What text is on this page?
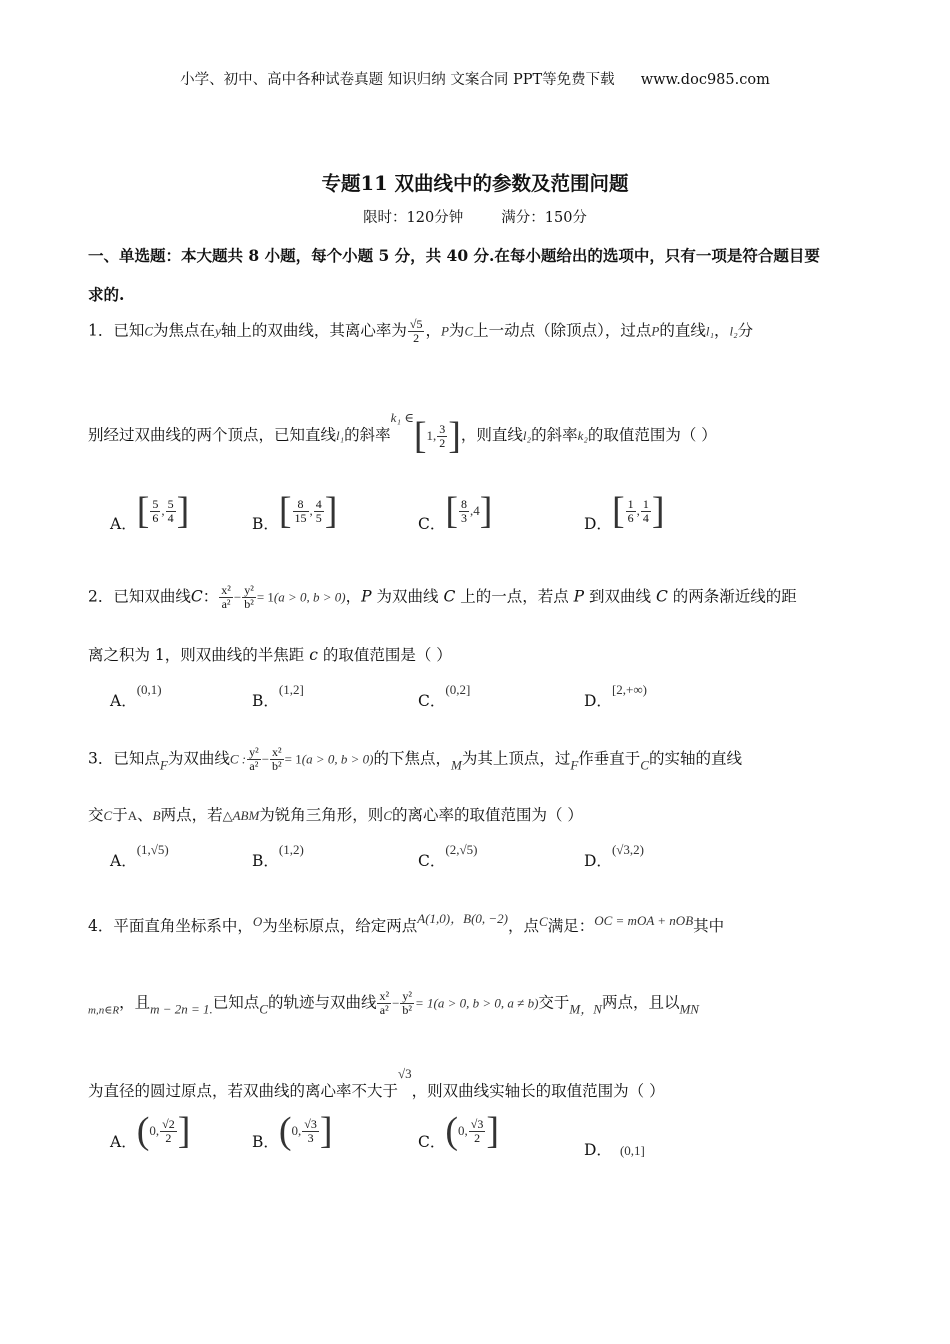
小学、初中、高中各种试卷真题 知识归纳 文案合同 PPT等免费下载 www.doc985.com
专题11 双曲线中的参数及范围问题
限时：120分钟	满分：150分
一、单选题：本大题共 8 小题，每个小题 5 分，共 40 分.在每小题给出的选项中，只有一项是符合题目要
求的.
1．已知C为焦点在y轴上的双曲线，其离心率为 $\frac{√5}{2}$ ，P为C上一动点（除顶点），过点P的直线l₁，l₂分
别经过双曲线的两个顶点，已知直线l₁的斜率$^{k_1 \in}$[1, $\frac{3}{2}$ ]，则直线l₂的斜率k₂的取值范围为（ ）
A．[ $\frac{5}{6}$ , $\frac{5}{4}$ ]	B．[ $\frac{8}{15}$ , $\frac{4}{5}$ ]	C．[ $\frac{8}{3} ,4$]	D．[ $\frac{1}{6}$ , $\frac{1}{4}$ ]
2．已知双曲线C： $\frac{\text{x²}}{\text{a²}} - \frac{\text{y²}}{\text{b²}} = 1(a > 0$, b > 0)，P 为双曲线 C 上的一点，若点 P 到双曲线 C 的两条渐近线的距
离之积为 1，则双曲线的半焦距 c 的取值范围是（ ）
A．(0,1)
B．(1,2]
C．(0,2]
D．[2,+∞)
3．已知点$_F$为双曲线C : $\frac{\text{y²}}{\text{a²}} - \frac{\text{x²}}{\text{b²}} = 1(a > 0$, b > 0)的下焦点，$_M$为其上顶点，过$_F$作垂直于$_C$的实轴的直线
交C于A、B两点，若△ABM为锐角三角形，则C的离心率的取值范围为（ ）
A．(1,√5)
B．(1,2)
C．(2,√5)
D．(√3,2)
4．平面直角坐标系中，$^O$为坐标原点，给定两点$^{A(1,0),B(0, -2)}$，点$^C$满足：$^{OC = mOA + nOB}$其中
$_{m,n\in R}$，且$_{m - 2n = 1.}$已知点$_C$的轨迹与双曲线 $\frac{\text{x²}}{\text{a²}} - \frac{\text{y²}}{\text{b²}} = 1(a > 0$, b > 0, a ≠ b)交于$_{M,N}$两点，且以$_{MN}$
为直径的圆过原点，若双曲线的离心率不大于$^{√3}$，则双曲线实轴长的取值范围为（ ）
A．(0, $\frac{√2}{2}$ ]	B．(0, $\frac{√3}{3}$ ]	C．(0, $\frac{√3}{2}$ ]	D． (0,1]
